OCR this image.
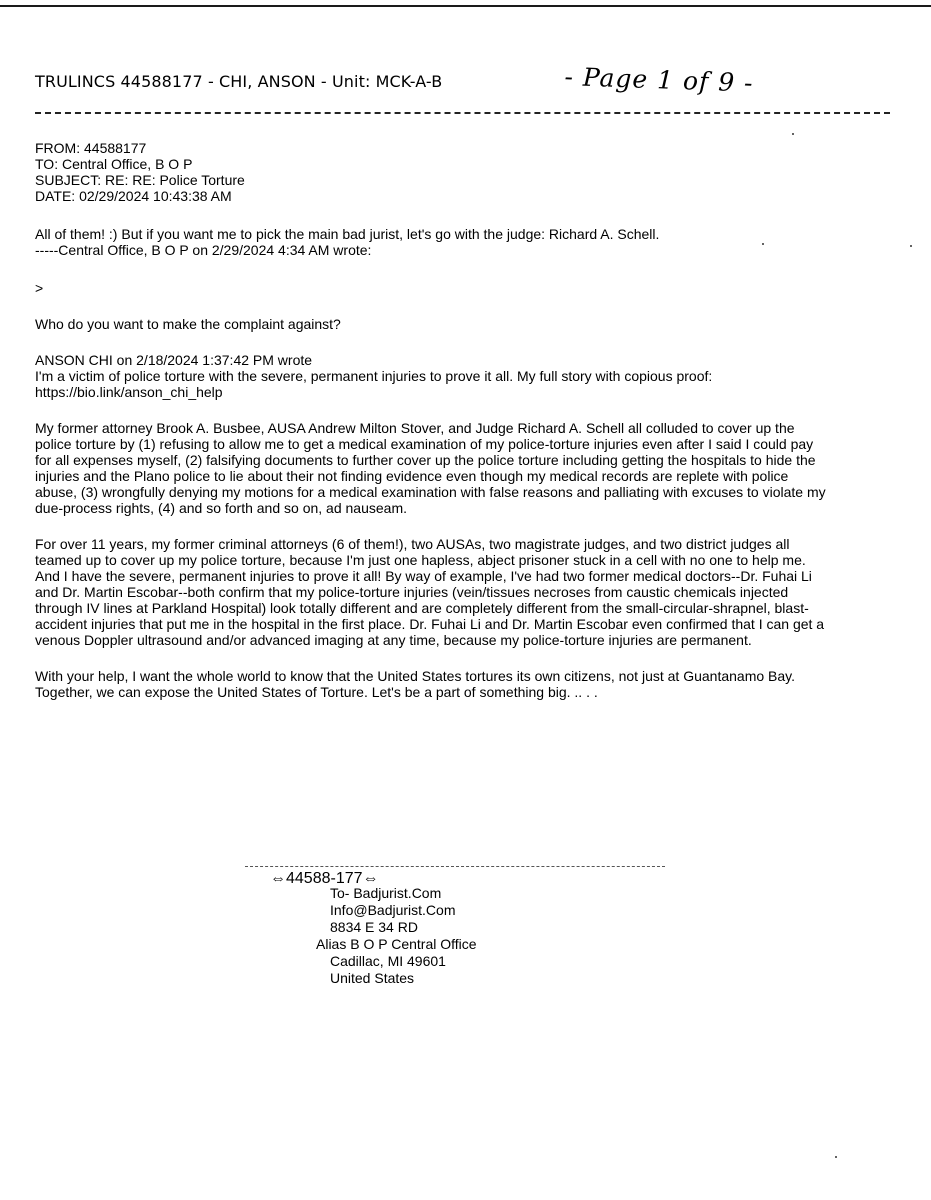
TRULINCS 44588177 - CHI, ANSON - Unit: MCK-A-B	- Page 1 of 9 -

FROM: 44588177

TO: Central Office, B O P

SUBJECT: RE: RE: Police Torture

DATE: 02/29/2024 10:43:38 AM

All of them! :) But if you want me to pick the main bad jurist, let's go with the judge: Richard A. Schell.

-----Central Office, B O P on 2/29/2024 4:34 AM wrote:

>

Who do you want to make the complaint against?

ANSON CHI on 2/18/2024 1:37:42 PM wrote

I'm a victim of police torture with the severe, permanent injuries to prove it all. My full story with copious proof:

https://bio.link/anson_chi_help

My former attorney Brook A. Busbee, AUSA Andrew Milton Stover, and Judge Richard A. Schell all colluded to cover up the

police torture by (1) refusing to allow me to get a medical examination of my police-torture injuries even after I said I could pay

for all expenses myself, (2) falsifying documents to further cover up the police torture including getting the hospitals to hide the

injuries and the Plano police to lie about their not finding evidence even though my medical records are replete with police

abuse, (3) wrongfully denying my motions for a medical examination with false reasons and palliating with excuses to violate my

due-process rights, (4) and so forth and so on, ad nauseam.

For over 11 years, my former criminal attorneys (6 of them!), two AUSAs, two magistrate judges, and two district judges all

teamed up to cover up my police torture, because I'm just one hapless, abject prisoner stuck in a cell with no one to help me.

And I have the severe, permanent injuries to prove it all! By way of example, I've had two former medical doctors--Dr. Fuhai Li

and Dr. Martin Escobar--both confirm that my police-torture injuries (vein/tissues necroses from caustic chemicals injected

through IV lines at Parkland Hospital) look totally different and are completely different from the small-circular-shrapnel, blast-

accident injuries that put me in the hospital in the first place. Dr. Fuhai Li and Dr. Martin Escobar even confirmed that I can get a

venous Doppler ultrasound and/or advanced imaging at any time, because my police-torture injuries are permanent.

With your help, I want the whole world to know that the United States tortures its own citizens, not just at Guantanamo Bay.

Together, we can expose the United States of Torture. Let's be a part of something big. .. . .

⇔44588-177⇔
To- Badjurist.Com
Info@Badjurist.Com
8834 E 34 RD
Alias B O P Central Office
Cadillac, MI 49601
United States
